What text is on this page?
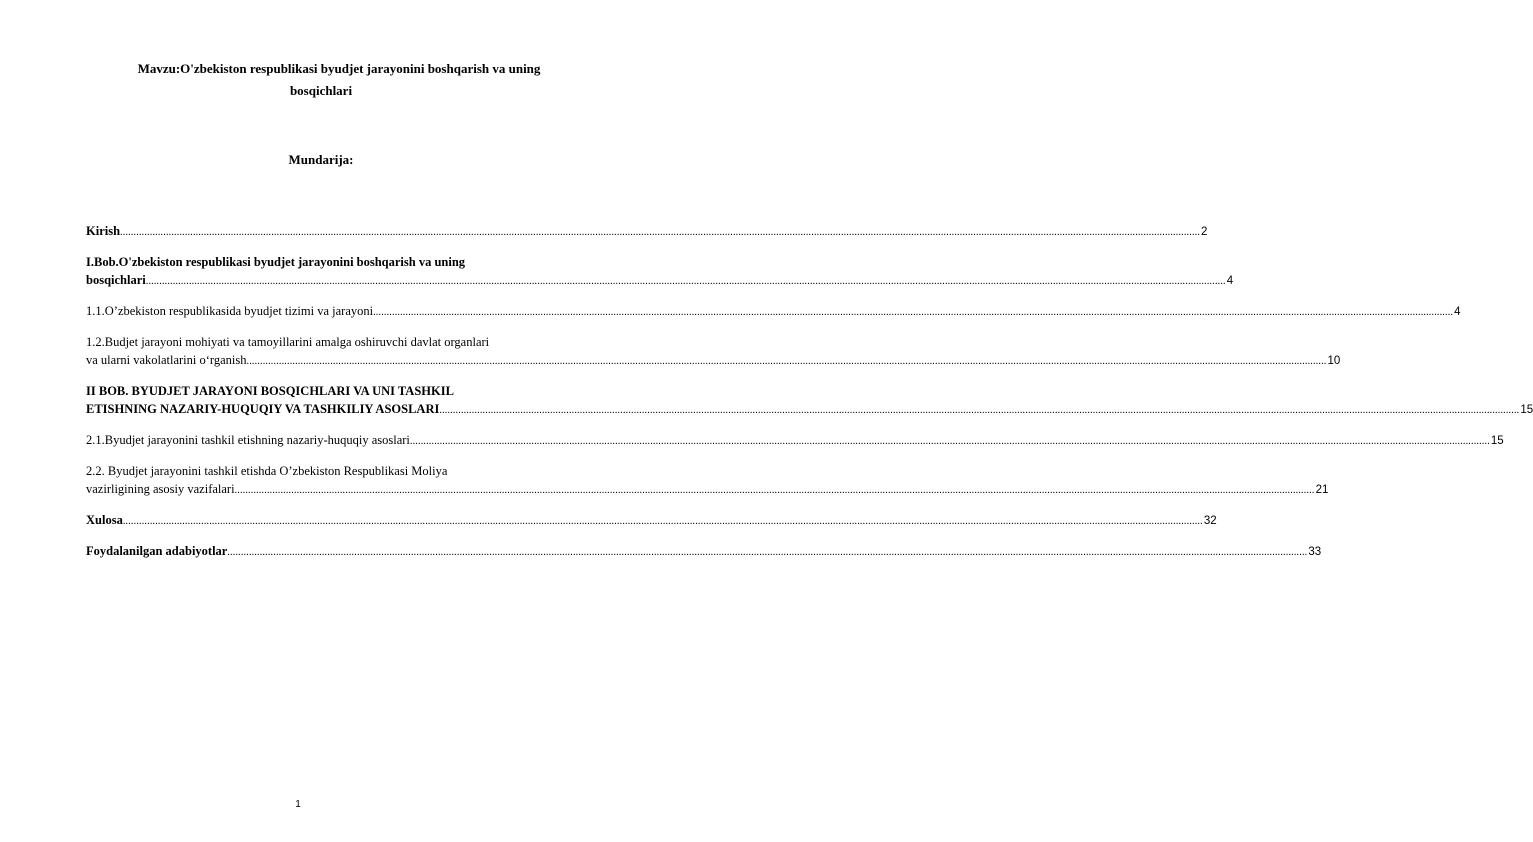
Mavzu:O'zbekiston respublikasi byudjet jarayonini boshqarish va uning bosqichlari
Mundarija:
Kirish ................................................................................................................................................................................................................................................................................................................................................................................................................ 2
I.Bob.O'zbekiston respublikasi byudjet jarayonini boshqarish va uning
bosqichlari ................................................................................................................................................................................................................................................................................................................................................................................................................ 4
1.1.O’zbekiston respublikasida byudjet tizimi va jarayoni ................................................................................................................................................................................................................................................................................................................................................................................................................ 4
1.2.Budjet jarayoni mohiyati va tamoyillarini amalga oshiruvchi davlat organlari
va ularni vakolatlarini o‘rganish ................................................................................................................................................................................................................................................................................................................................................................................................................ 10
II BOB. BYUDJET JARAYONI BOSQICHLARI VA UNI TASHKIL
ETISHNING NAZARIY-HUQUQIY VA TASHKILIY ASOSLARI ................................................................................................................................................................................................................................................................................................................................................................................................................ 15
2.1.Byudjet jarayonini tashkil etishning nazariy-huquqiy asoslari ................................................................................................................................................................................................................................................................................................................................................................................................................ 15
2.2. Byudjet jarayonini tashkil etishda O’zbekiston Respublikasi Moliya
vazirligining asosiy vazifalari ................................................................................................................................................................................................................................................................................................................................................................................................................ 21
Xulosa ................................................................................................................................................................................................................................................................................................................................................................................................................ 32
Foydalanilgan adabiyotlar ................................................................................................................................................................................................................................................................................................................................................................................................................ 33
1
